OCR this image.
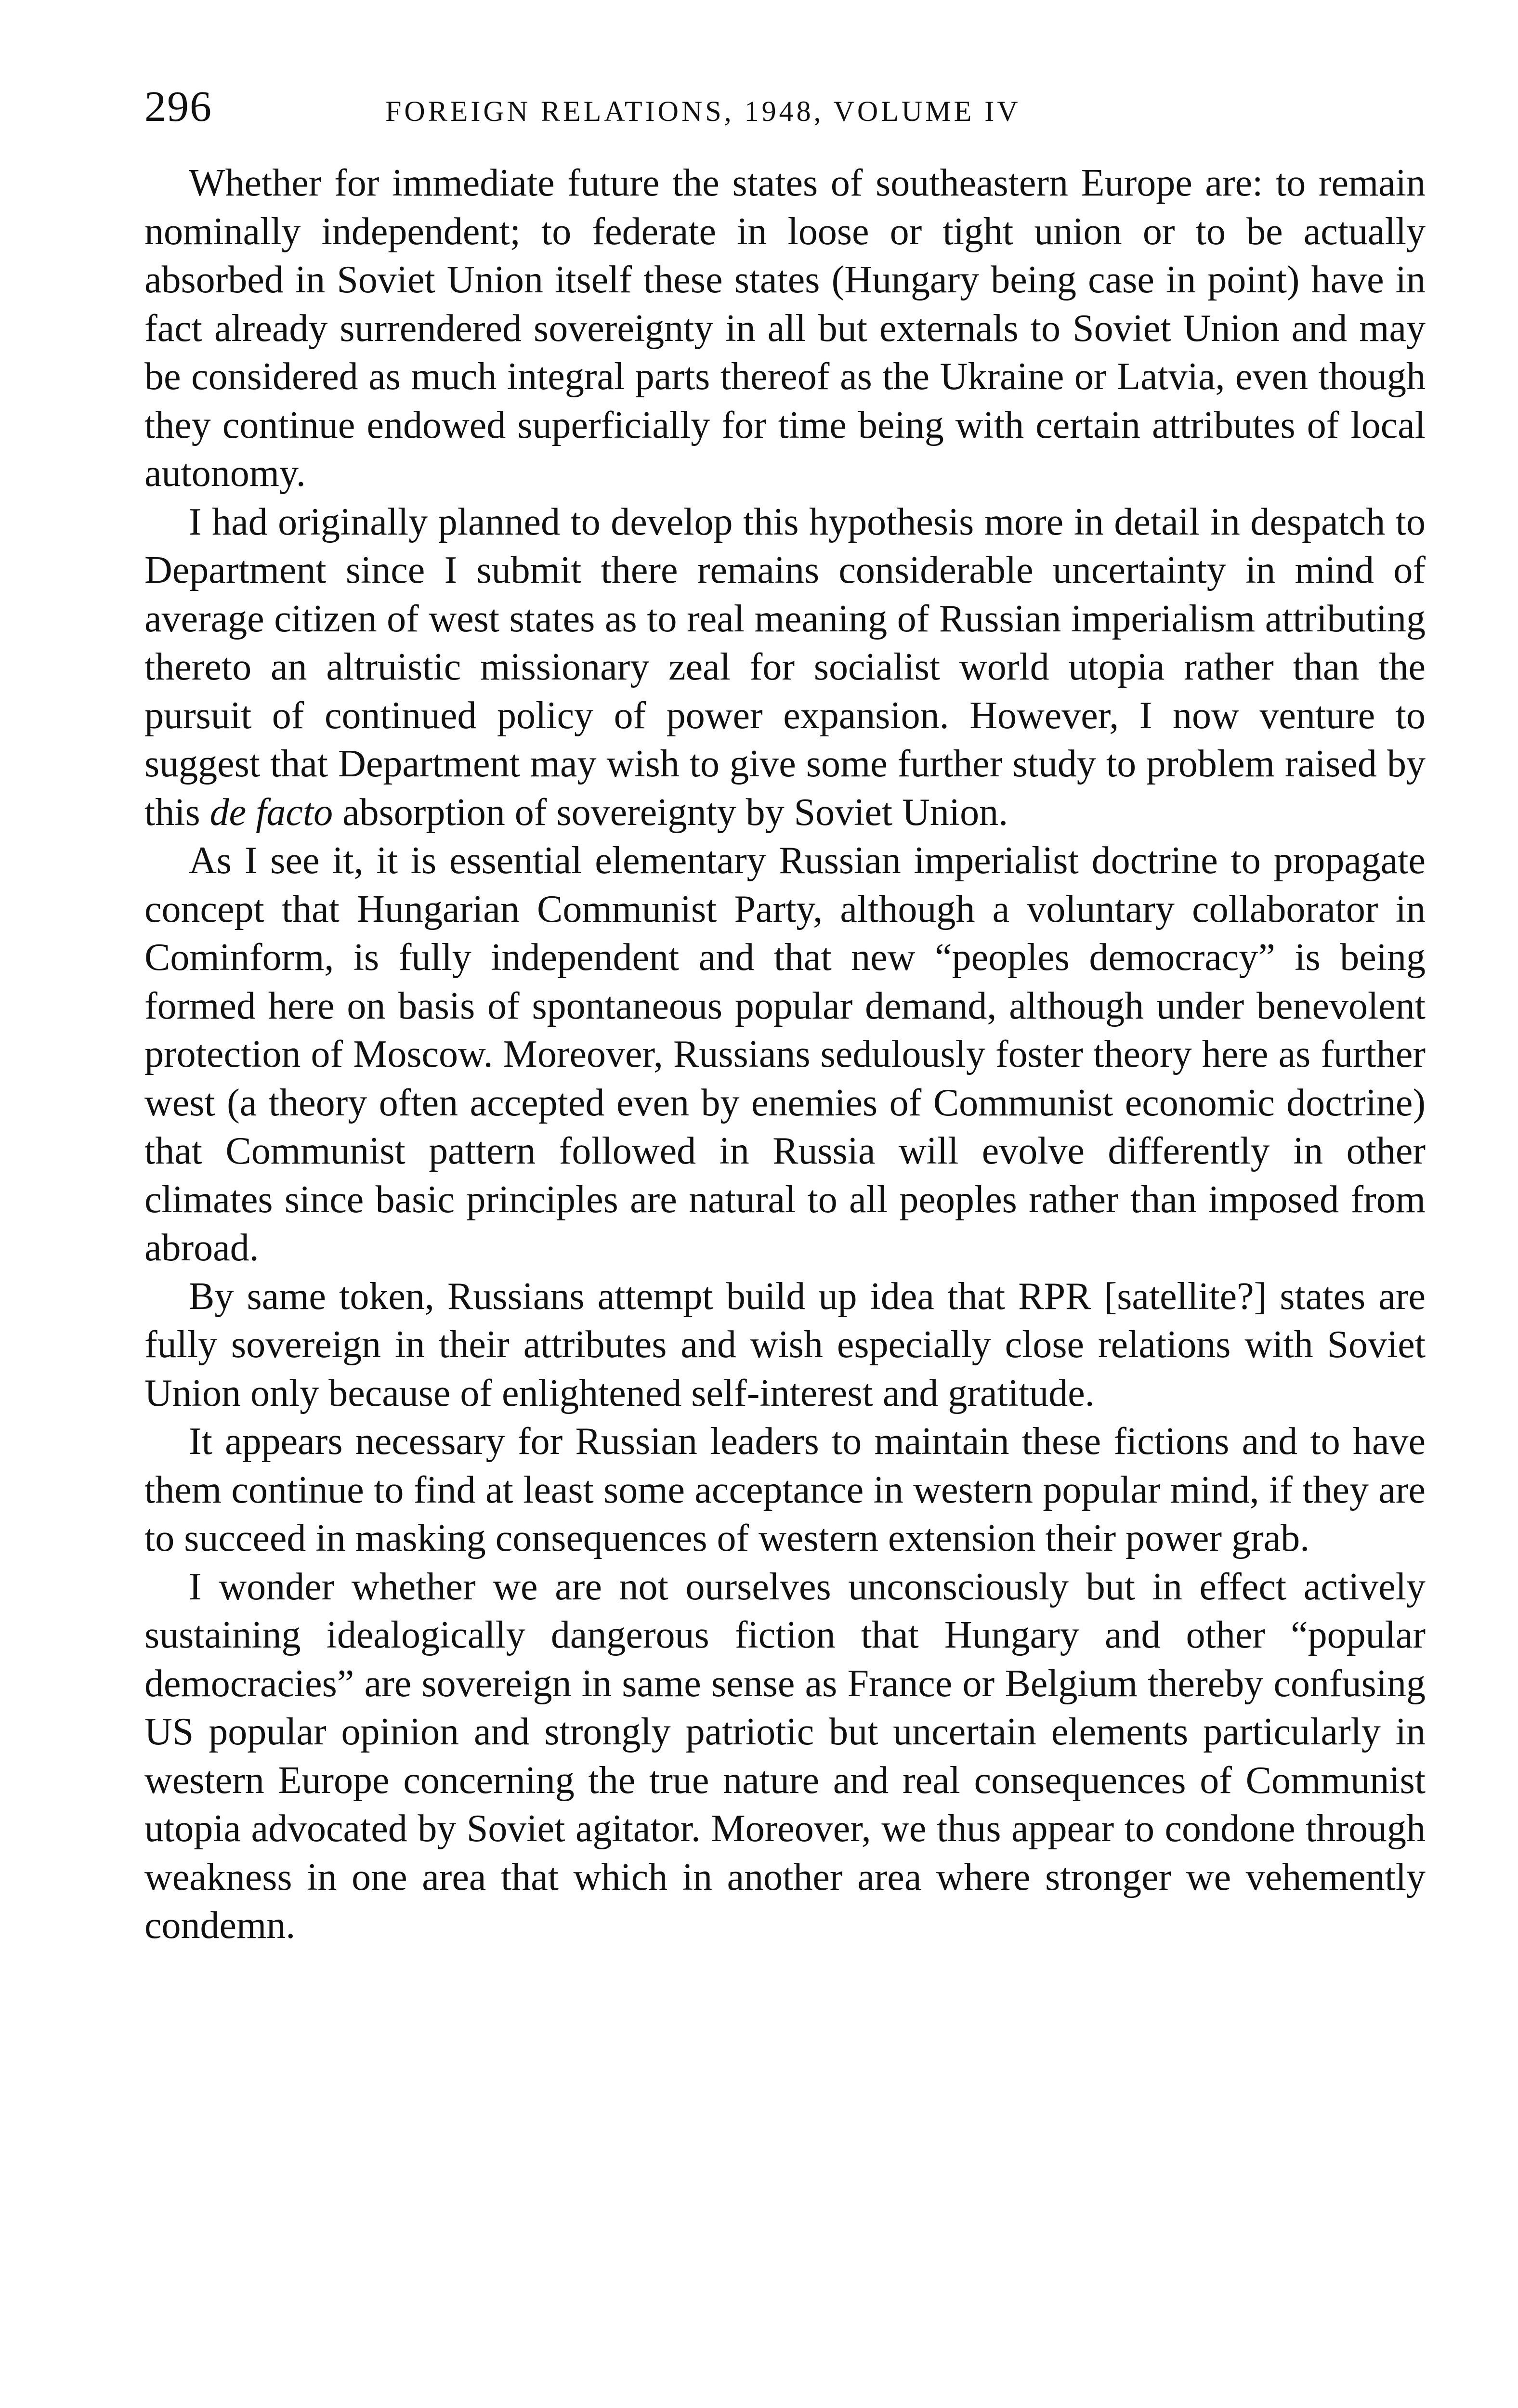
296	FOREIGN RELATIONS, 1948, VOLUME IV

Whether for immediate future the states of southeastern Europe are: to remain nominally independent; to federate in loose or tight union or to be actually absorbed in Soviet Union itself these states (Hungary being case in point) have in fact already surrendered sovereignty in all but externals to Soviet Union and may be considered as much integral parts thereof as the Ukraine or Latvia, even though they continue endowed superficially for time being with certain attributes of local autonomy.

I had originally planned to develop this hypothesis more in detail in despatch to Department since I submit there remains considerable uncertainty in mind of average citizen of west states as to real meaning of Russian imperialism attributing thereto an altruistic missionary zeal for socialist world utopia rather than the pursuit of continued policy of power expansion. However, I now venture to suggest that Department may wish to give some further study to problem raised by this de facto absorption of sovereignty by Soviet Union.

As I see it, it is essential elementary Russian imperialist doctrine to propagate concept that Hungarian Communist Party, although a voluntary collaborator in Cominform, is fully independent and that new “peoples democracy” is being formed here on basis of spontaneous popular demand, although under benevolent protection of Moscow. Moreover, Russians sedulously foster theory here as further west (a theory often accepted even by enemies of Communist economic doctrine) that Communist pattern followed in Russia will evolve differently in other climates since basic principles are natural to all peoples rather than imposed from abroad.

By same token, Russians attempt build up idea that RPR [satellite?] states are fully sovereign in their attributes and wish especially close relations with Soviet Union only because of enlightened self-interest and gratitude.

It appears necessary for Russian leaders to maintain these fictions and to have them continue to find at least some acceptance in western popular mind, if they are to succeed in masking consequences of western extension their power grab.

I wonder whether we are not ourselves unconsciously but in effect actively sustaining idealogically dangerous fiction that Hungary and other “popular democracies” are sovereign in same sense as France or Belgium thereby confusing US popular opinion and strongly patriotic but uncertain elements particularly in western Europe concerning the true nature and real consequences of Communist utopia advocated by Soviet agitator. Moreover, we thus appear to condone through weakness in one area that which in another area where stronger we vehemently condemn.
